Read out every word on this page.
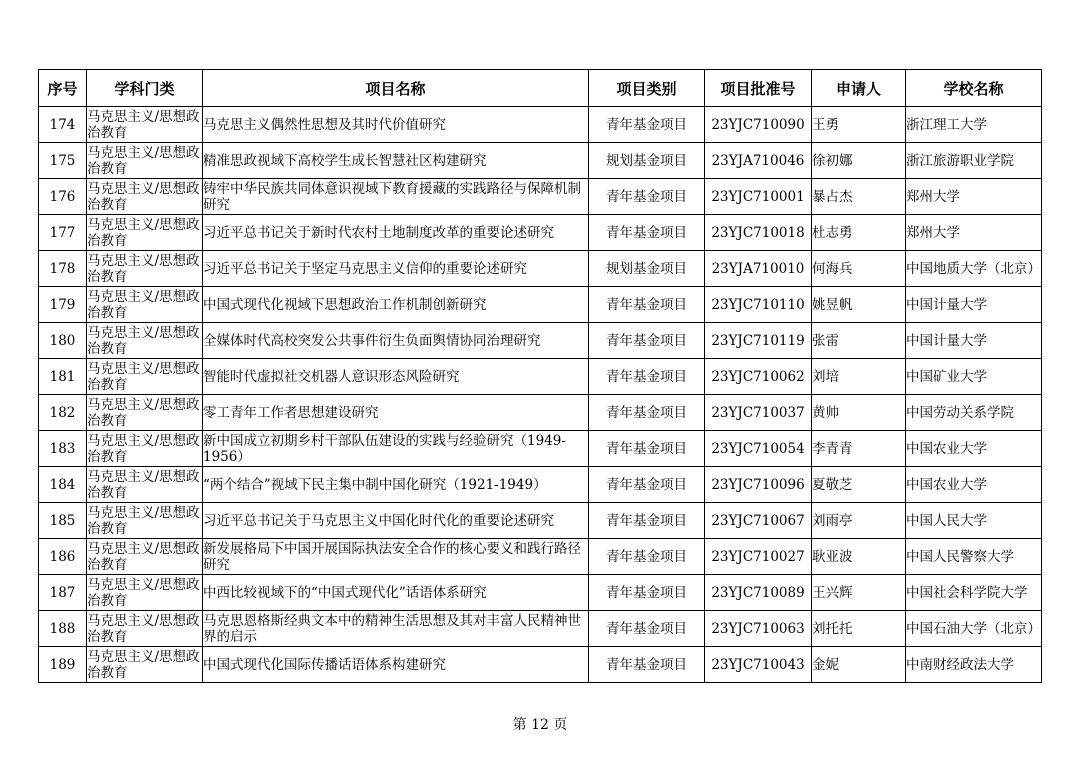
序号	学科门类	项目名称	项目类别	项目批准号	申请人	学校名称
174	马克思主义/思想政治教育	马克思主义偶然性思想及其时代价值研究	青年基金项目	23YJC710090	王勇	浙江理工大学
175	马克思主义/思想政治教育	精准思政视域下高校学生成长智慧社区构建研究	规划基金项目	23YJA710046	徐初娜	浙江旅游职业学院
176	马克思主义/思想政治教育	铸牢中华民族共同体意识视域下教育援藏的实践路径与保障机制研究	青年基金项目	23YJC710001	暴占杰	郑州大学
177	马克思主义/思想政治教育	习近平总书记关于新时代农村土地制度改革的重要论述研究	青年基金项目	23YJC710018	杜志勇	郑州大学
178	马克思主义/思想政治教育	习近平总书记关于坚定马克思主义信仰的重要论述研究	规划基金项目	23YJA710010	何海兵	中国地质大学（北京）
179	马克思主义/思想政治教育	中国式现代化视域下思想政治工作机制创新研究	青年基金项目	23YJC710110	姚昱帆	中国计量大学
180	马克思主义/思想政治教育	全媒体时代高校突发公共事件衍生负面舆情协同治理研究	青年基金项目	23YJC710119	张雷	中国计量大学
181	马克思主义/思想政治教育	智能时代虚拟社交机器人意识形态风险研究	青年基金项目	23YJC710062	刘培	中国矿业大学
182	马克思主义/思想政治教育	零工青年工作者思想建设研究	青年基金项目	23YJC710037	黄帅	中国劳动关系学院
183	马克思主义/思想政治教育	新中国成立初期乡村干部队伍建设的实践与经验研究（1949-1956）	青年基金项目	23YJC710054	李青青	中国农业大学
184	马克思主义/思想政治教育	“两个结合”视域下民主集中制中国化研究（1921-1949）	青年基金项目	23YJC710096	夏敬芝	中国农业大学
185	马克思主义/思想政治教育	习近平总书记关于马克思主义中国化时代化的重要论述研究	青年基金项目	23YJC710067	刘雨亭	中国人民大学
186	马克思主义/思想政治教育	新发展格局下中国开展国际执法安全合作的核心要义和践行路径研究	青年基金项目	23YJC710027	耿亚波	中国人民警察大学
187	马克思主义/思想政治教育	中西比较视域下的“中国式现代化”话语体系研究	青年基金项目	23YJC710089	王兴辉	中国社会科学院大学
188	马克思主义/思想政治教育	马克思恩格斯经典文本中的精神生活思想及其对丰富人民精神世界的启示	青年基金项目	23YJC710063	刘托托	中国石油大学（北京）
189	马克思主义/思想政治教育	中国式现代化国际传播话语体系构建研究	青年基金项目	23YJC710043	金妮	中南财经政法大学
第 12 页
